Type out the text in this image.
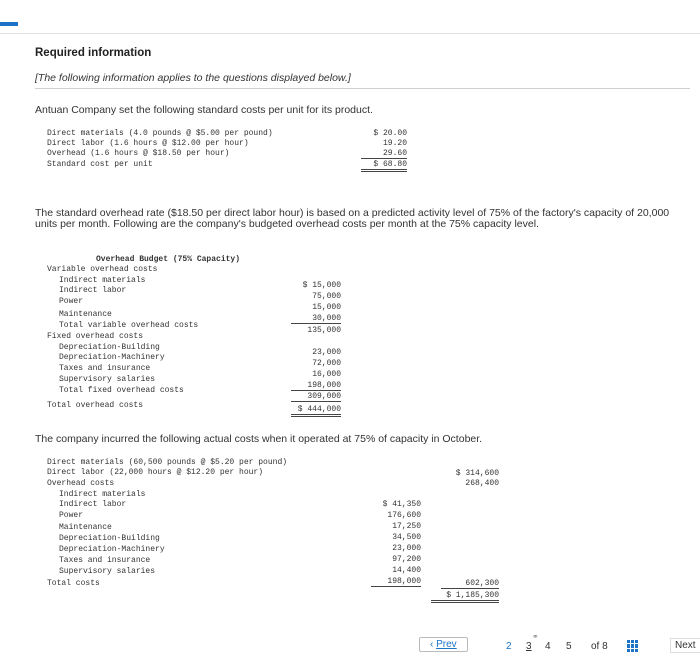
Required information
[The following information applies to the questions displayed below.]
Antuan Company set the following standard costs per unit for its product.
Direct materials (4.0 pounds @ $5.00 per pound)
Direct labor (1.6 hours @ $12.00 per hour)
Overhead (1.6 hours @ $18.50 per hour)
Standard cost per unit
$ 20.00
19.20
29.60
$ 68.80
The standard overhead rate ($18.50 per direct labor hour) is based on a predicted activity level of 75% of the factory's capacity of 20,000 units per month. Following are the company's budgeted overhead costs per month at the 75% capacity level.
Overhead Budget (75% Capacity)
Variable overhead costs
Indirect materials
Indirect labor
Power
Maintenance
Total variable overhead costs
$ 15,000
75,000
15,000
30,000
135,000
Fixed overhead costs
Depreciation-Building
Depreciation-Machinery
Taxes and insurance
Supervisory salaries
Total fixed overhead costs
Total overhead costs
23,000
72,000
16,000
198,000
309,000
$ 444,000
The company incurred the following actual costs when it operated at 75% of capacity in October.
Direct materials (60,500 pounds @ $5.20 per pound)
Direct labor (22,000 hours @ $12.20 per hour)
Overhead costs
$ 314,600
268,400
Indirect materials
Indirect labor
Power
Maintenance
Depreciation-Building
Depreciation-Machinery
Taxes and insurance
Supervisory salaries
Total costs
$ 41,350
176,600
17,250
34,500
23,000
97,200
14,400
198,000	602,300
$ 1,185,300
‹ Prev
⚭
2 3 4 5 of 8	Next
